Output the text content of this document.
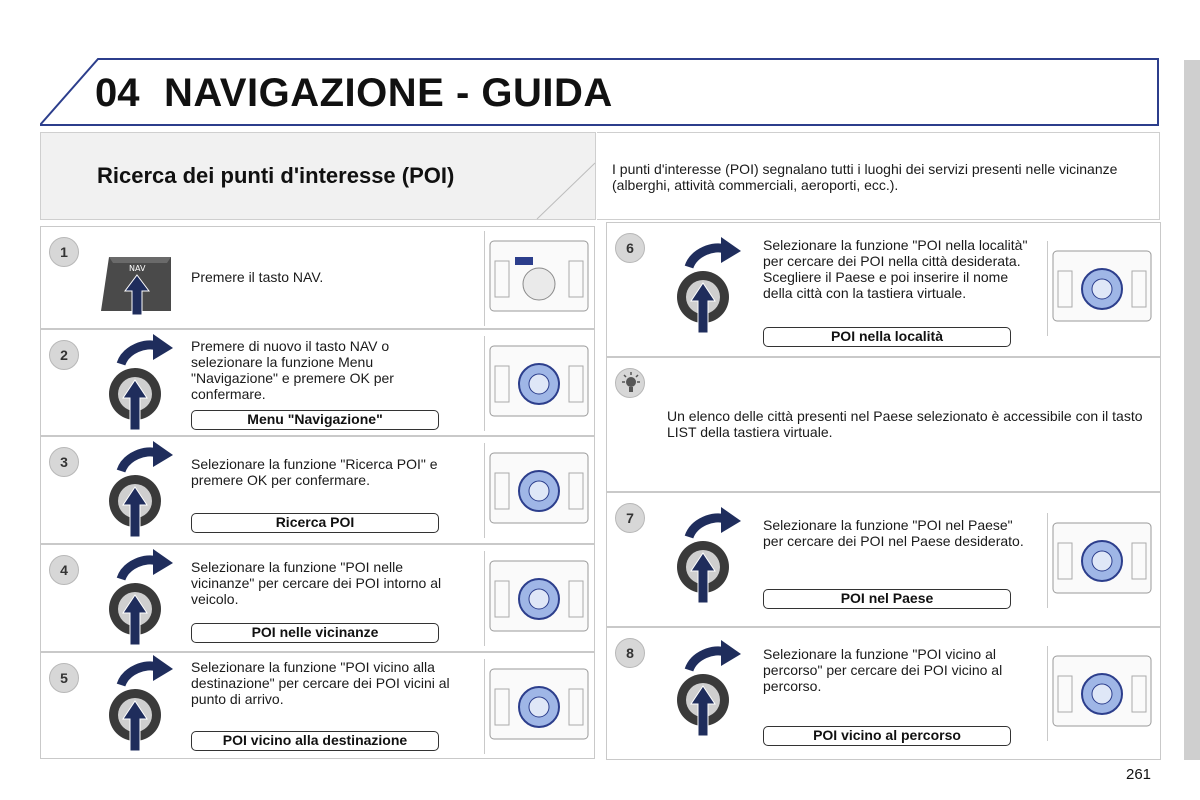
04 NAVIGAZIONE - GUIDA
Ricerca dei punti d'interesse (POI)	I punti d'interesse (POI) segnalano tutti i luoghi dei servizi presenti nelle vicinanze (alberghi, attività commerciali, aeroporti, ecc.).

1
NAV
Premere il tasto NAV.
2
Premere di nuovo il tasto NAV o selezionare la funzione Menu "Navigazione" e premere OK per confermare.
Menu "Navigazione"
3	Selezionare la funzione "Ricerca POI" e premere OK per confermare.
Ricerca POI
4	Selezionare la funzione "POI nelle vicinanze" per cercare dei POI intorno al veicolo.
POI nelle vicinanze
5
Selezionare la funzione "POI vicino alla destinazione" per cercare dei POI vicini al punto di arrivo.
POI vicino alla destinazione
6	Selezionare la funzione "POI nella località" per cercare dei POI nella città desiderata. Scegliere il Paese e poi inserire il nome della città con la tastiera virtuale.
POI nella località

Un elenco delle città presenti nel Paese selezionato è accessibile con il tasto LIST della tastiera virtuale.

7	Selezionare la funzione "POI nel Paese" per cercare dei POI nel Paese desiderato.
POI nel Paese
8	Selezionare la funzione "POI vicino al percorso" per cercare dei POI vicino al percorso.
POI vicino al percorso
261
